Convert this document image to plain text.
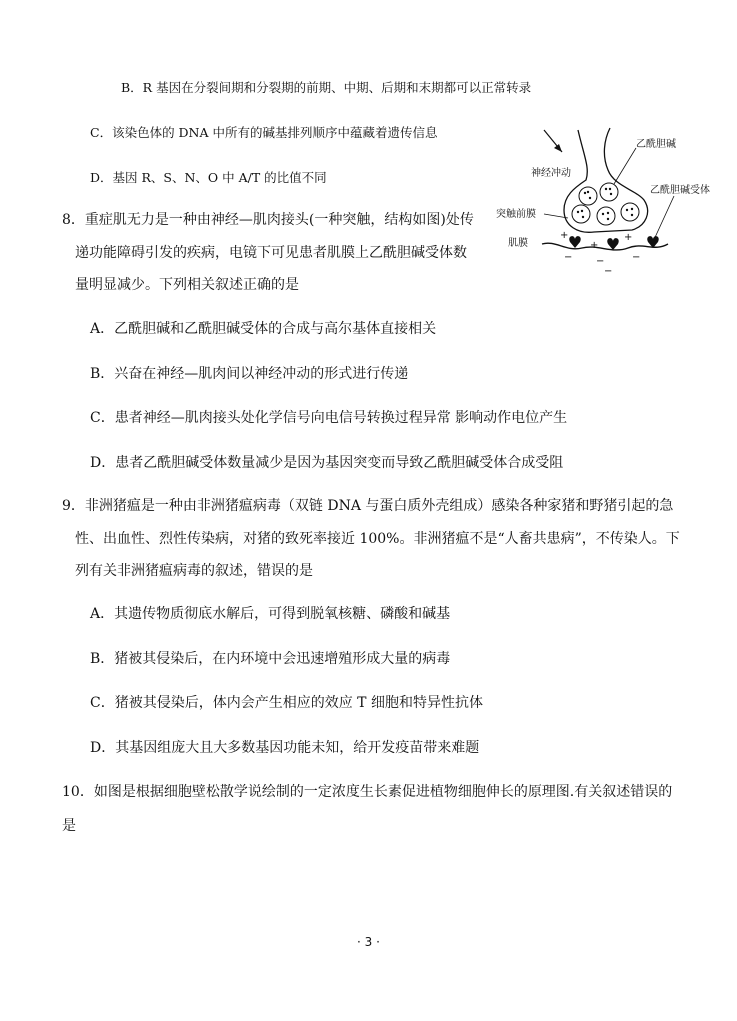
B．R 基因在分裂间期和分裂期的前期、中期、后期和末期都可以正常转录
C．该染色体的 DNA 中所有的碱基排列顺序中蕴藏着遗传信息
D．基因 R、S、N、O 中 A/T 的比值不同
8．重症肌无力是一种由神经—肌肉接头(一种突触，结构如图)处传
递功能障碍引发的疾病，电镜下可见患者肌膜上乙酰胆碱受体数
量明显减少。下列相关叙述正确的是
A．乙酰胆碱和乙酰胆碱受体的合成与高尔基体直接相关
B．兴奋在神经—肌肉间以神经冲动的形式进行传递
C．患者神经—肌肉接头处化学信号向电信号转换过程异常 影响动作电位产生
D．患者乙酰胆碱受体数量减少是因为基因突变而导致乙酰胆碱受体合成受阻
+
+
+
− −	−
−
乙酰胆碱
神经冲动
乙酰胆碱受体
突触前膜
肌膜
9．非洲猪瘟是一种由非洲猪瘟病毒（双链 DNA 与蛋白质外壳组成）感染各种家猪和野猪引起的急
性、出血性、烈性传染病，对猪的致死率接近 100%。非洲猪瘟不是“人畜共患病”，不传染人。下
列有关非洲猪瘟病毒的叙述，错误的是
A．其遗传物质彻底水解后，可得到脱氧核糖、磷酸和碱基
B．猪被其侵染后，在内环境中会迅速增殖形成大量的病毒
C．猪被其侵染后，体内会产生相应的效应 T 细胞和特异性抗体
D．其基因组庞大且大多数基因功能未知，给开发疫苗带来难题
10．如图是根据细胞壁松散学说绘制的一定浓度生长素促进植物细胞伸长的原理图.有关叙述错误的
是
· 3 ·
